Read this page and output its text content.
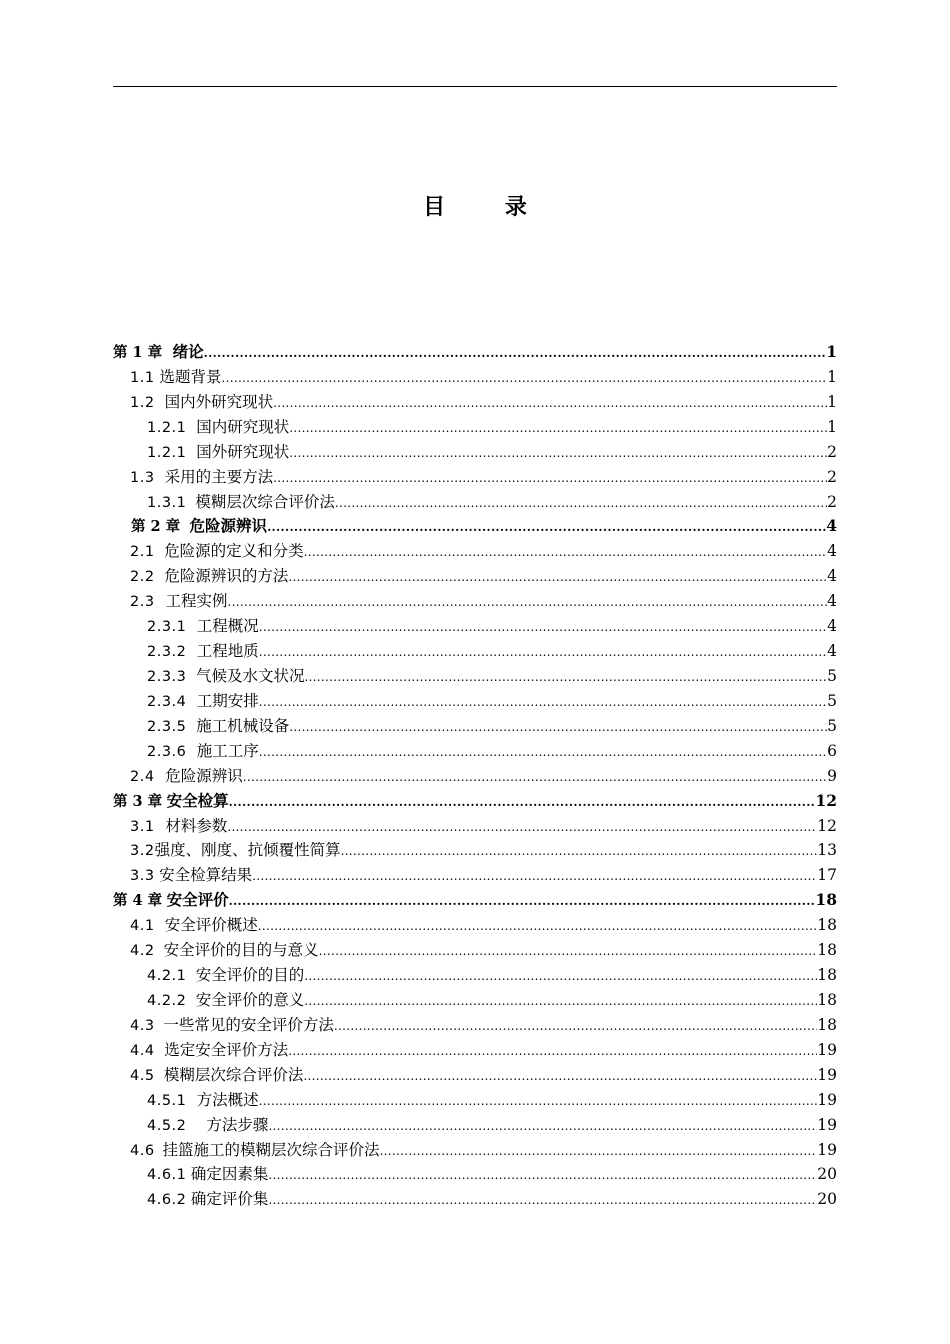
目 录
第 1 章 绪论 .....	1
1.1 选题背景 .....	1
1.2 国内外研究现状 .....	1
1.2.1 国内研究现状 .....	1
1.2.1 国外研究现状 .....	2
1.3 采用的主要方法 .....	2
1.3.1 模糊层次综合评价法 .....	2
第 2 章 危险源辨识 .....	4
2.1 危险源的定义和分类 .....	4
2.2 危险源辨识的方法 .....	4
2.3 工程实例 .....	4
2.3.1 工程概况 .....	4
2.3.2 工程地质 .....	4
2.3.3 气候及水文状况 .....	5
2.3.4 工期安排 .....	5
2.3.5 施工机械设备 .....	5
2.3.6 施工工序 .....	6
2.4 危险源辨识 .....	9
第 3 章 安全检算 .....	12
3.1 材料参数 .....	12
3.2 强度、刚度、抗倾覆性简算 .....	13
3.3 安全检算结果 .....	17
第 4 章 安全评价 .....	18
4.1 安全评价概述 .....	18
4.2 安全评价的目的与意义 .....	18
4.2.1 安全评价的目的 .....	18
4.2.2 安全评价的意义 .....	18
4.3 一些常见的安全评价方法 .....	18
4.4 选定安全评价方法 .....	19
4.5 模糊层次综合评价法 .....	19
4.5.1 方法概述 .....	19
4.5.2 方法步骤 .....	19
4.6 挂篮施工的模糊层次综合评价法 .....	19
4.6.1 确定因素集 .....	20
4.6.2 确定评价集 .....	20
